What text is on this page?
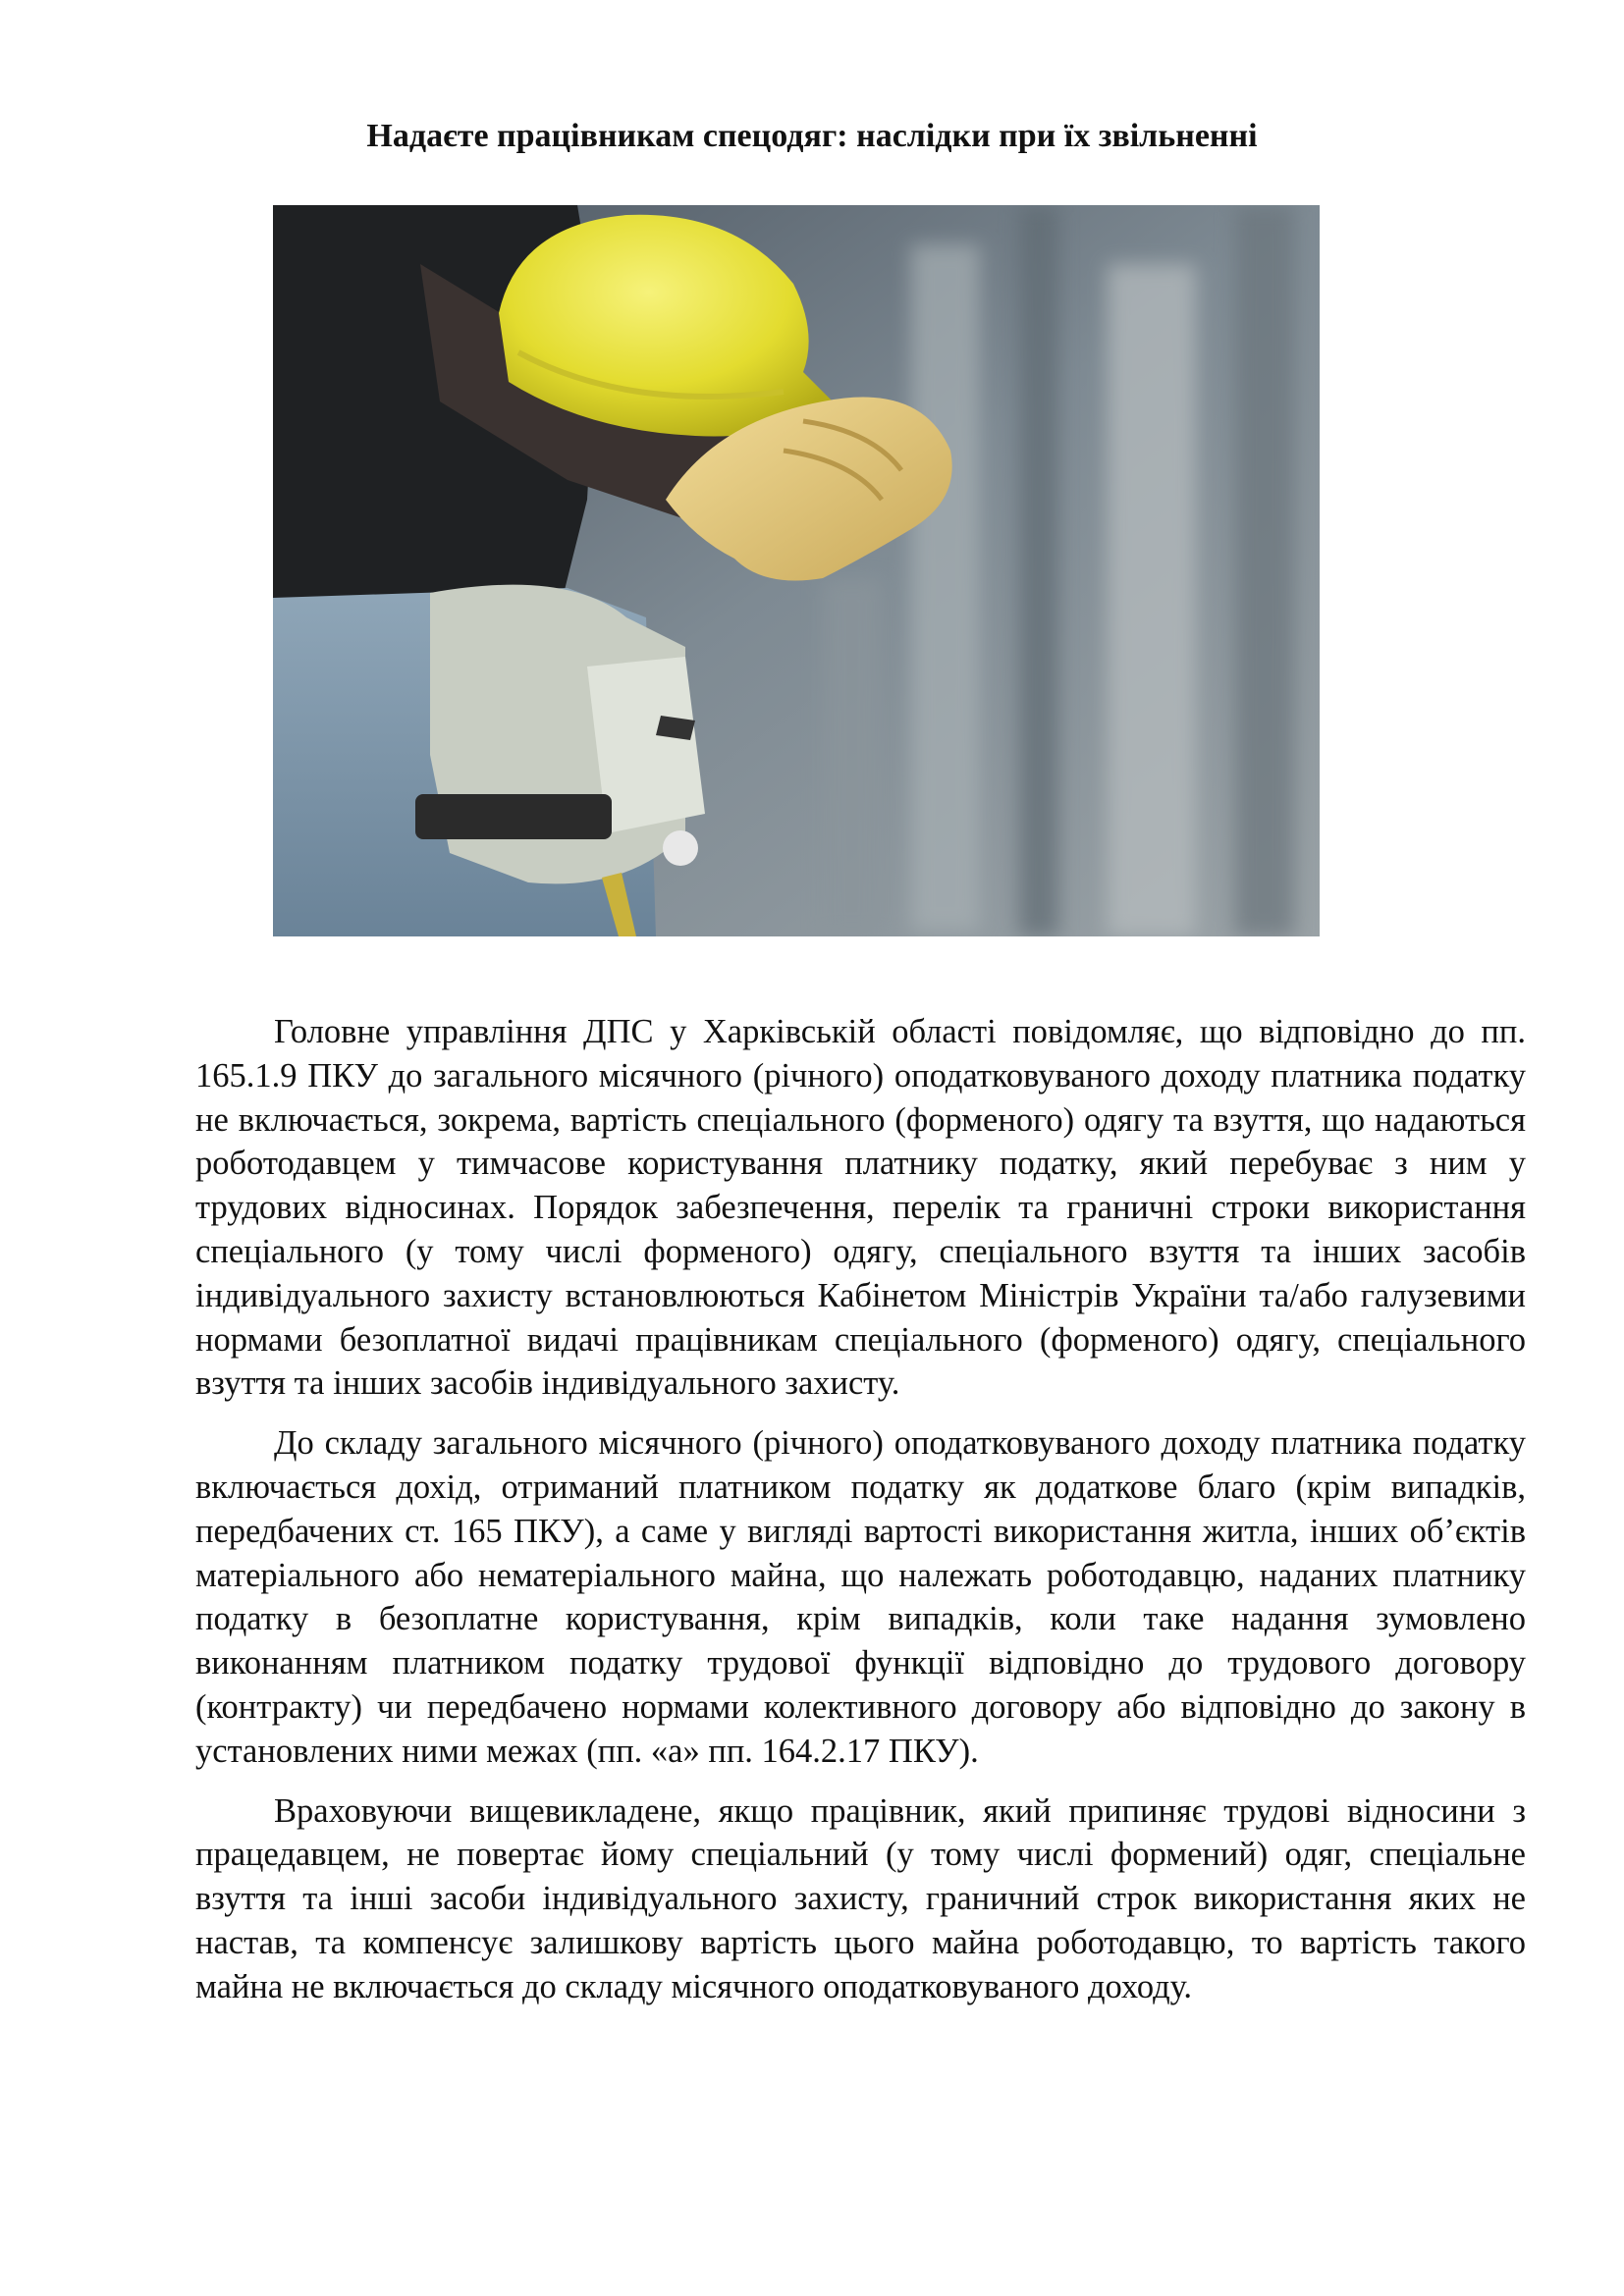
Надаєте працівникам спецодяг: наслідки при їх звільненні

Головне управління ДПС у Харківській області повідомляє, що відповідно до пп. 165.1.9 ПКУ до загального місячного (річного) оподатковуваного доходу платника податку не включається, зокрема, вартість спеціального (форменого) одягу та взуття, що надаються роботодавцем у тимчасове користування платнику податку, який перебуває з ним у трудових відносинах. Порядок забезпечення, перелік та граничні строки використання спеціального (у тому числі форменого) одягу, спеціального взуття та інших засобів індивідуального захисту встановлюються Кабінетом Міністрів України та/або галузевими нормами безоплатної видачі працівникам спеціального (форменого) одягу, спеціального взуття та інших засобів індивідуального захисту.

До складу загального місячного (річного) оподатковуваного доходу платника податку включається дохід, отриманий платником податку як додаткове благо (крім випадків, передбачених ст. 165 ПКУ), а саме у вигляді вартості використання житла, інших об’єктів матеріального або нематеріального майна, що належать роботодавцю, наданих платнику податку в безоплатне користування, крім випадків, коли таке надання зумовлено виконанням платником податку трудової функції відповідно до трудового договору (контракту) чи передбачено нормами колективного договору або відповідно до закону в установлених ними межах (пп. «а» пп. 164.2.17 ПКУ).

Враховуючи вищевикладене, якщо працівник, який припиняє трудові відносини з працедавцем, не повертає йому спеціальний (у тому числі формений) одяг, спеціальне взуття та інші засоби індивідуального захисту, граничний строк використання яких не настав, та компенсує залишкову вартість цього майна роботодавцю, то вартість такого майна не включається до складу місячного оподатковуваного доходу.
